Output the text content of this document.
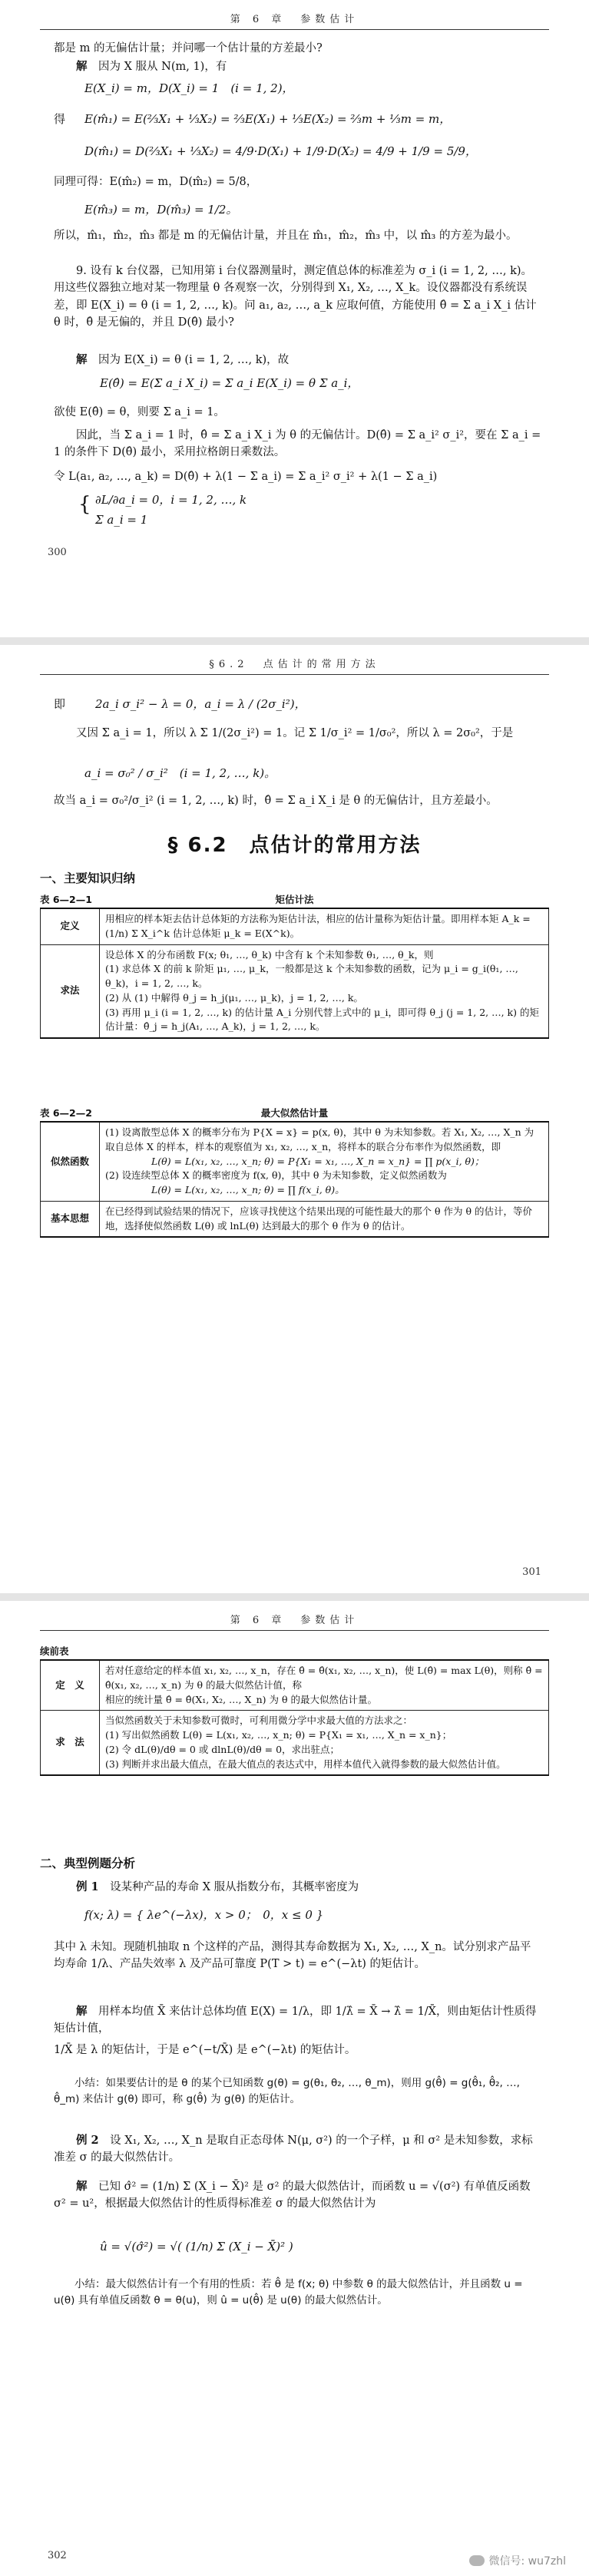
第 6 章　参数估计
都是 m 的无偏估计量；并问哪一个估计量的方差最小?
解　 因为 X 服从 N(m, 1)，有
E(X_i) = m，D(X_i) = 1　(i = 1, 2)，
得 E(m̂₁) = E(⅔X₁ + ⅓X₂) = ⅔E(X₁) + ⅓E(X₂) = ⅔m + ⅓m = m，
D(m̂₁) = D(⅔X₁ + ⅓X₂) = 4/9·D(X₁) + 1/9·D(X₂) = 4/9 + 1/9 = 5/9，
同理可得：E(m̂₂) = m，D(m̂₂) = 5/8，
E(m̂₃) = m，D(m̂₃) = 1/2。
所以，m̂₁，m̂₂，m̂₃ 都是 m 的无偏估计量，并且在 m̂₁，m̂₂，m̂₃ 中，以 m̂₃ 的方差为最小。
9. 设有 k 台仪器，已知用第 i 台仪器测量时，测定值总体的标准差为 σ_i (i = 1, 2, …, k)。用这些仪器独立地对某一物理量 θ 各观察一次，分别得到 X₁, X₂, …, X_k。设仪器都没有系统误差，即 E(X_i) = θ (i = 1, 2, …, k)。问 a₁, a₂, …, a_k 应取何值，方能使用 θ̂ = Σ a_i X_i 估计 θ 时，θ̂ 是无偏的，并且 D(θ̂) 最小?
解　 因为 E(X_i) = θ (i = 1, 2, …, k)，故
E(θ̂) = E(Σ a_i X_i) = Σ a_i E(X_i) = θ Σ a_i，
欲使 E(θ̂) = θ，则要 Σ a_i = 1。
因此，当 Σ a_i = 1 时，θ̂ = Σ a_i X_i 为 θ 的无偏估计。D(θ̂) = Σ a_i² σ_i²，要在 Σ a_i = 1 的条件下 D(θ̂) 最小，采用拉格朗日乘数法。
令 L(a₁, a₂, …, a_k) = D(θ̂) + λ(1 − Σ a_i) = Σ a_i² σ_i² + λ(1 − Σ a_i)
{ ∂L/∂a_i = 0，i = 1, 2, …, k
Σ a_i = 1
300
§6.2　点估计的常用方法
即	2a_i σ_i² − λ = 0，a_i = λ / (2σ_i²)，
又因 Σ a_i = 1，所以 λ Σ 1/(2σ_i²) = 1。记 Σ 1/σ_i² = 1/σ₀²，所以 λ = 2σ₀²，于是
a_i = σ₀² / σ_i²　(i = 1, 2, …, k)。
故当 a_i = σ₀²/σ_i² (i = 1, 2, …, k) 时，θ̂ = Σ a_i X_i 是 θ 的无偏估计，且方差最小。
§ 6.2　点估计的常用方法
一、主要知识归纳
表 6—2—1	矩估计法
定义	用相应的样本矩去估计总体矩的方法称为矩估计法，相应的估计量称为矩估计量。即用样本矩 A_k = (1/n) Σ X_i^k 估计总体矩 μ_k = E(X^k)。
求法	设总体 X 的分布函数 F(x; θ₁, …, θ_k) 中含有 k 个未知参数 θ₁, …, θ_k，则
(1) 求总体 X 的前 k 阶矩 μ₁, …, μ_k，一般都是这 k 个未知参数的函数，记为 μ_i = g_i(θ₁, …, θ_k)，i = 1, 2, …, k。
(2) 从 (1) 中解得 θ_j = h_j(μ₁, …, μ_k)，j = 1, 2, …, k。
(3) 再用 μ_i (i = 1, 2, …, k) 的估计量 A_i 分别代替上式中的 μ_i，即可得 θ_j (j = 1, 2, …, k) 的矩估计量：θ̂_j = h_j(A₁, …, A_k)，j = 1, 2, …, k。
表 6—2—2	最大似然估计量
似然函数	(1) 设离散型总体 X 的概率分布为 P{X = x} = p(x, θ)，其中 θ 为未知参数。若 X₁, X₂, …, X_n 为取自总体 X 的样本，样本的观察值为 x₁, x₂, …, x_n，将样本的联合分布率作为似然函数，即
L(θ) = L(x₁, x₂, …, x_n; θ) = P{X₁ = x₁, …, X_n = x_n} = ∏ p(x_i, θ)；
(2) 设连续型总体 X 的概率密度为 f(x, θ)，其中 θ 为未知参数，定义似然函数为
L(θ) = L(x₁, x₂, …, x_n; θ) = ∏ f(x_i, θ)。

基本思想	在已经得到试验结果的情况下，应该寻找使这个结果出现的可能性最大的那个 θ 作为 θ 的估计，等价地，选择使似然函数 L(θ) 或 lnL(θ) 达到最大的那个 θ 作为 θ 的估计。
301
第 6 章　参数估计
续前表
定　义	若对任意给定的样本值 x₁, x₂, …, x_n，存在 θ̂ = θ̂(x₁, x₂, …, x_n)，使 L(θ̂) = max L(θ)，则称 θ̂ = θ̂(x₁, x₂, …, x_n) 为 θ 的最大似然估计值，称
相应的统计量 θ̂ = θ̂(X₁, X₂, …, X_n) 为 θ 的最大似然估计量。

求　法	当似然函数关于未知参数可微时，可利用微分学中求最大值的方法求之：
(1) 写出似然函数 L(θ) = L(x₁, x₂, …, x_n; θ) = P{X₁ = x₁, …, X_n = x_n}；
(2) 令 dL(θ)/dθ = 0 或 dlnL(θ)/dθ = 0，求出驻点；
(3) 判断并求出最大值点，在最大值点的表达式中，用样本值代入就得参数的最大似然估计值。
二、典型例题分析
例 1　 设某种产品的寿命 X 服从指数分布，其概率密度为
f(x; λ) = { λe^(−λx)，x > 0；　0，x ≤ 0 }
其中 λ 未知。现随机抽取 n 个这样的产品，测得其寿命数据为 X₁, X₂, …, X_n。试分别求产品平均寿命 1/λ、产品失效率 λ 及产品可靠度 P(T > t) = e^(−λt) 的矩估计。
解　 用样本均值 X̄ 来估计总体均值 E(X) = 1/λ，即 1/λ̂ = X̄ → λ̂ = 1/X̄，则由矩估计性质得矩估计值，
1/X̄ 是 λ 的矩估计，于是 e^(−t/X̄) 是 e^(−λt) 的矩估计。
小结：如果要估计的是 θ 的某个已知函数 g(θ) = g(θ₁, θ₂, …, θ_m)，则用 g(θ̂) = g(θ̂₁, θ̂₂, …, θ̂_m) 来估计 g(θ) 即可，称 g(θ̂) 为 g(θ) 的矩估计。
例 2　 设 X₁, X₂, …, X_n 是取自正态母体 N(μ, σ²) 的一个子样，μ 和 σ² 是未知参数，求标准差 σ 的最大似然估计。
解　 已知 σ̂² = (1/n) Σ (X_i − X̄)² 是 σ² 的最大似然估计，而函数 u = √(σ²) 有单值反函数 σ² = u²，根据最大似然估计的性质得标准差 σ 的最大似然估计为
û = √(σ̂²) = √( (1/n) Σ (X_i − X̄)² )
小结：最大似然估计有一个有用的性质：若 θ̂ 是 f(x; θ) 中参数 θ 的最大似然估计，并且函数 u = u(θ) 具有单值反函数 θ = θ(u)，则 û = u(θ̂) 是 u(θ) 的最大似然估计。
302	微信号: wu7zhl
